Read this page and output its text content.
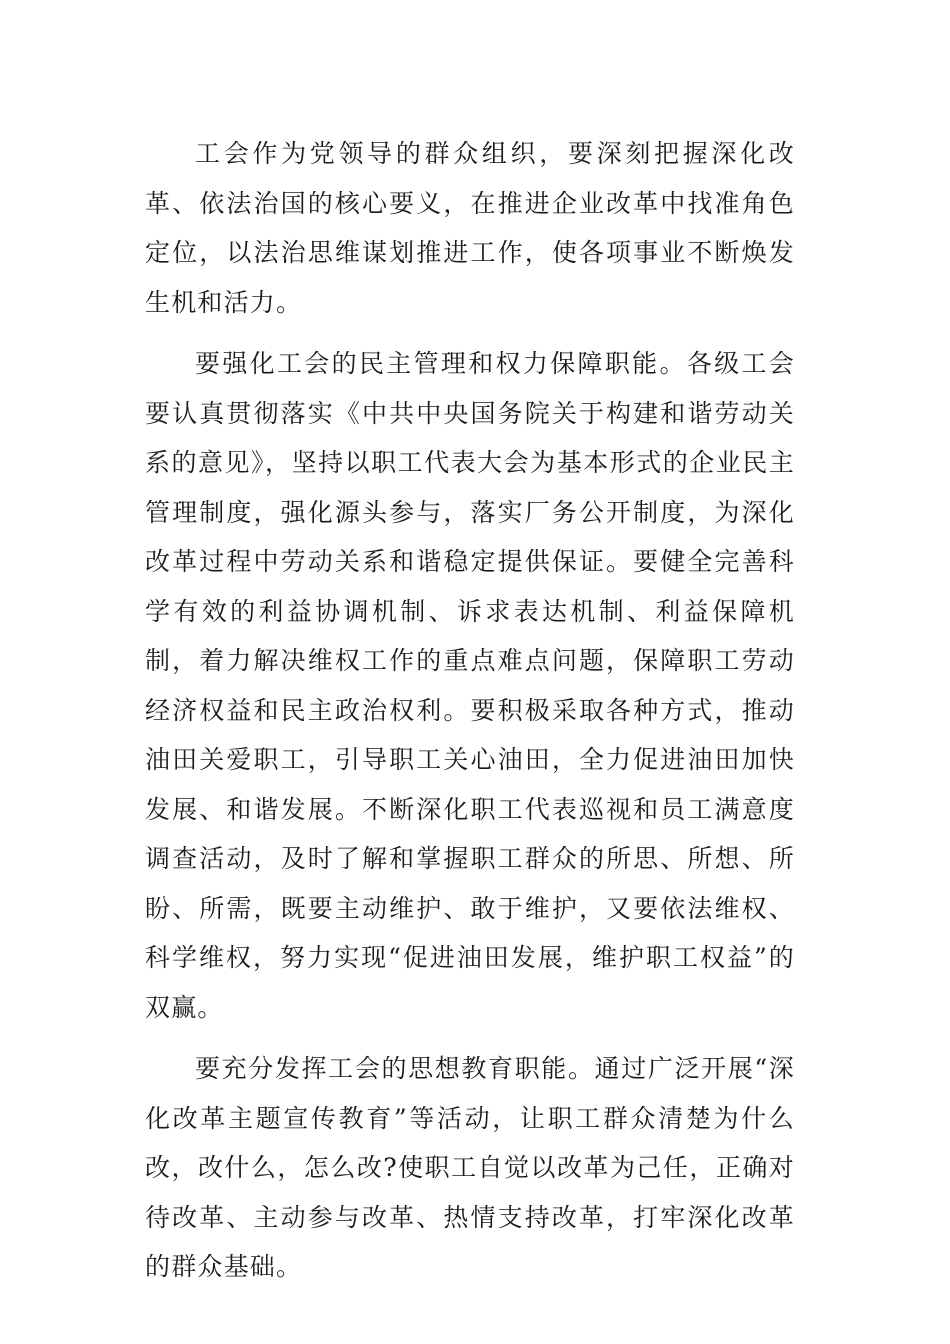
工会作为党领导的群众组织，要深刻把握深化改革、依法治国的核心要义，在推进企业改革中找准角色定位，以法治思维谋划推进工作，使各项事业不断焕发生机和活力。

要强化工会的民主管理和权力保障职能。各级工会要认真贯彻落实《中共中央国务院关于构建和谐劳动关系的意见》，坚持以职工代表大会为基本形式的企业民主管理制度，强化源头参与，落实厂务公开制度，为深化改革过程中劳动关系和谐稳定提供保证。要健全完善科学有效的利益协调机制、诉求表达机制、利益保障机制，着力解决维权工作的重点难点问题，保障职工劳动经济权益和民主政治权利。要积极采取各种方式，推动油田关爱职工，引导职工关心油田，全力促进油田加快发展、和谐发展。不断深化职工代表巡视和员工满意度调查活动，及时了解和掌握职工群众的所思、所想、所盼、所需，既要主动维护、敢于维护，又要依法维权、科学维权，努力实现“促进油田发展，维护职工权益”的双赢。

要充分发挥工会的思想教育职能。通过广泛开展“深化改革主题宣传教育”等活动，让职工群众清楚为什么改，改什么，怎么改?使职工自觉以改革为己任，正确对待改革、主动参与改革、热情支持改革，打牢深化改革的群众基础。
